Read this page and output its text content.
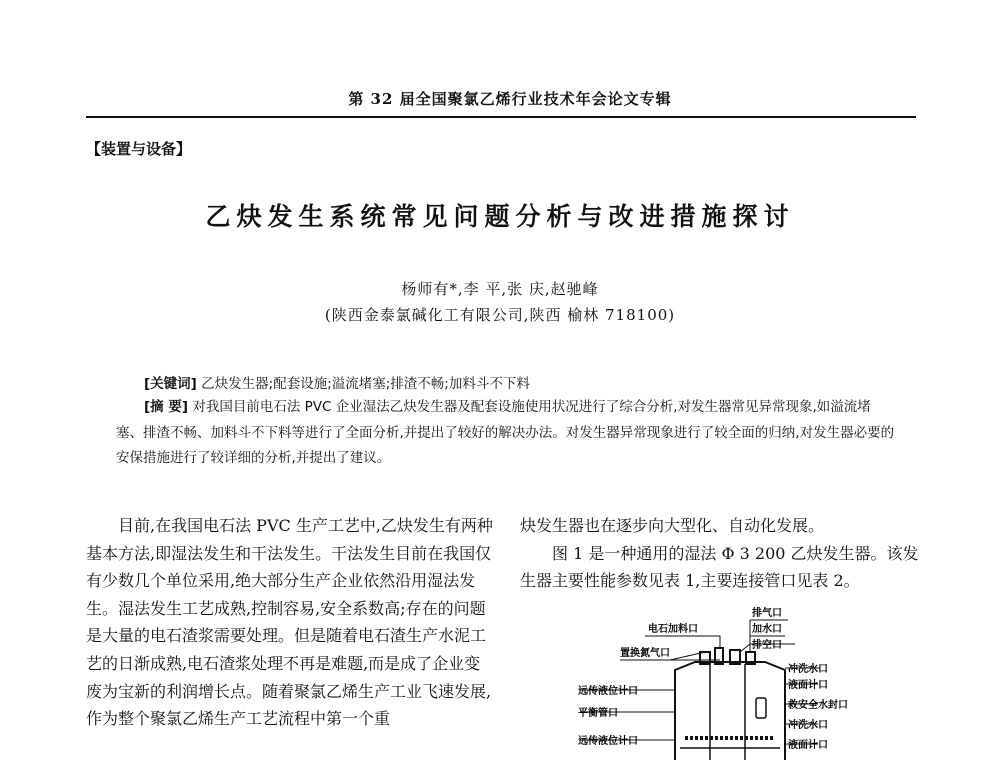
第 32 届全国聚氯乙烯行业技术年会论文专辑
【装置与设备】
乙炔发生系统常见问题分析与改进措施探讨
杨师有*,李 平,张 庆,赵驰峰
(陕西金泰氯碱化工有限公司,陕西 榆林 718100)
[关键词] 乙炔发生器;配套设施;溢流堵塞;排渣不畅;加料斗不下料
[摘 要] 对我国目前电石法 PVC 企业湿法乙炔发生器及配套设施使用状况进行了综合分析,对发生器常见异常现象,如溢流堵塞、排渣不畅、加料斗不下料等进行了全面分析,并提出了较好的解决办法。对发生器异常现象进行了较全面的归纳,对发生器必要的安保措施进行了较详细的分析,并提出了建议。

目前,在我国电石法 PVC 生产工艺中,乙炔发生有两种基本方法,即湿法发生和干法发生。干法发生目前在我国仅有少数几个单位采用,绝大部分生产企业依然沿用湿法发生。湿法发生工艺成熟,控制容易,安全系数高;存在的问题是大量的电石渣浆需要处理。但是随着电石渣生产水泥工艺的日渐成熟,电石渣浆处理不再是难题,而是成了企业变废为宝新的利润增长点。随着聚氯乙烯生产工业飞速发展,作为整个聚氯乙烯生产工艺流程中第一个重

炔发生器也在逐步向大型化、自动化发展。

图 1 是一种通用的湿法 Φ 3 200 乙炔发生器。该发生器主要性能参数见表 1,主要连接管口见表 2。

排气口
电石加料口	加水口
排空口
置换氮气口
冲洗水口
远传液位计口
液面计口
救安全水封口
平衡管口
冲洗水口
远传液位计口	液面计口
